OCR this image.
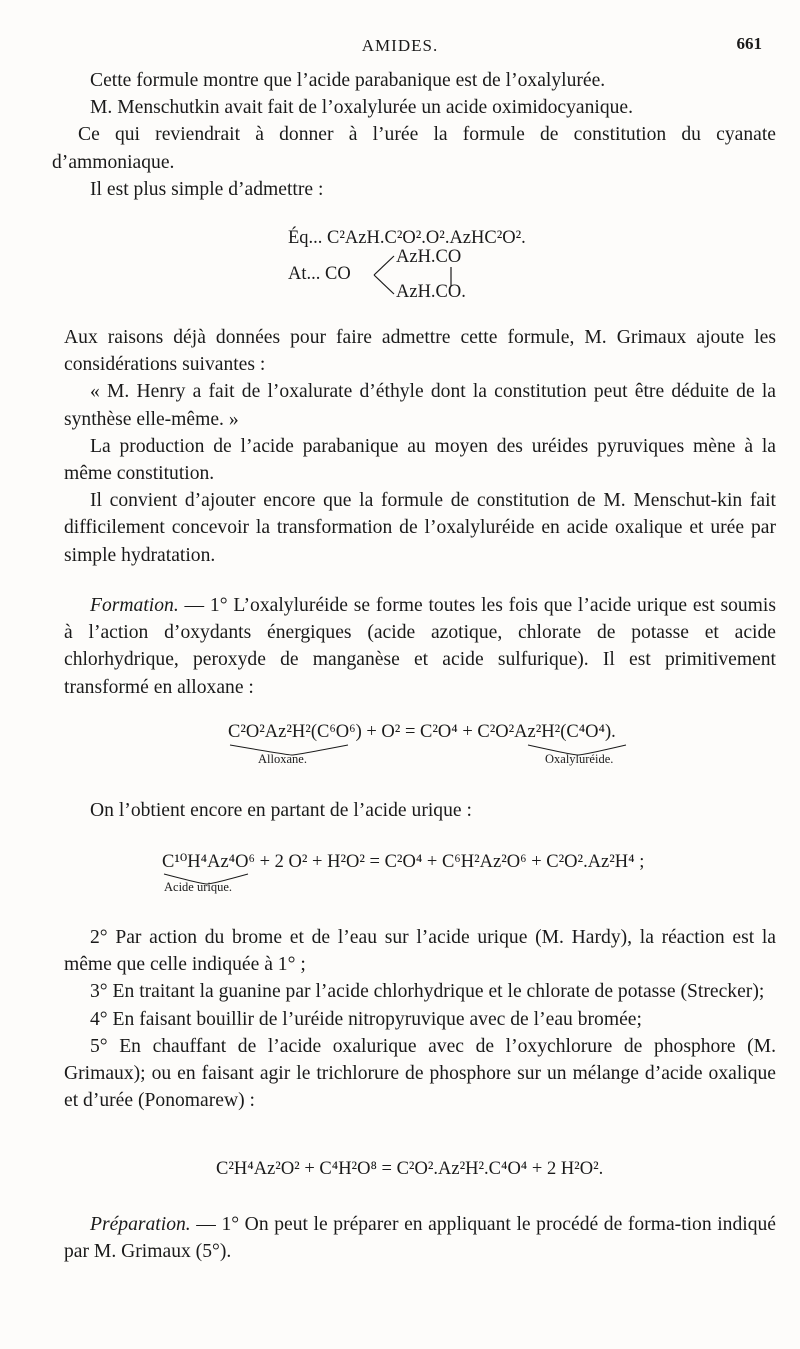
AMIDES.	661

Cette formule montre que l’acide parabanique est de l’oxalylurée.

M. Menschutkin avait fait de l’oxalylurée un acide oximidocyanique.

Ce qui reviendrait à donner à l’urée la formule de constitution du cyanate d’ammoniaque.

Il est plus simple d’admettre :

Éq... C²AzH.C²O².O².AzHC²O².
At... CO
AzH.CO
AzH.CO.

Aux raisons déjà données pour faire admettre cette formule, M. Grimaux ajoute les considérations suivantes :

« M. Henry a fait de l’oxalurate d’éthyle dont la constitution peut être déduite de la synthèse elle-même. »

La production de l’acide parabanique au moyen des uréides pyruviques mène à la même constitution.

Il convient d’ajouter encore que la formule de constitution de M. Menschut-kin fait difficilement concevoir la transformation de l’oxalyluréide en acide oxalique et urée par simple hydratation.

Formation. — 1° L’oxalyluréide se forme toutes les fois que l’acide urique est soumis à l’action d’oxydants énergiques (acide azotique, chlorate de potasse et acide chlorhydrique, peroxyde de manganèse et acide sulfurique). Il est primitivement transformé en alloxane :

C²O²Az²H²(C⁶O⁶) + O² = C²O⁴ + C²O²Az²H²(C⁴O⁴).
Alloxane.	Oxalyluréide.

On l’obtient encore en partant de l’acide urique :

C¹⁰H⁴Az⁴O⁶ + 2 O² + H²O² = C²O⁴ + C⁶H²Az²O⁶ + C²O².Az²H⁴ ;
Acide urique.

2° Par action du brome et de l’eau sur l’acide urique (M. Hardy), la réaction est la même que celle indiquée à 1° ;

3° En traitant la guanine par l’acide chlorhydrique et le chlorate de potasse (Strecker);

4° En faisant bouillir de l’uréide nitropyruvique avec de l’eau bromée;

5° En chauffant de l’acide oxalurique avec de l’oxychlorure de phosphore (M. Grimaux); ou en faisant agir le trichlorure de phosphore sur un mélange d’acide oxalique et d’urée (Ponomarew) :

C²H⁴Az²O² + C⁴H²O⁸ = C²O².Az²H².C⁴O⁴ + 2 H²O².

Préparation. — 1° On peut le préparer en appliquant le procédé de forma-tion indiqué par M. Grimaux (5°).
